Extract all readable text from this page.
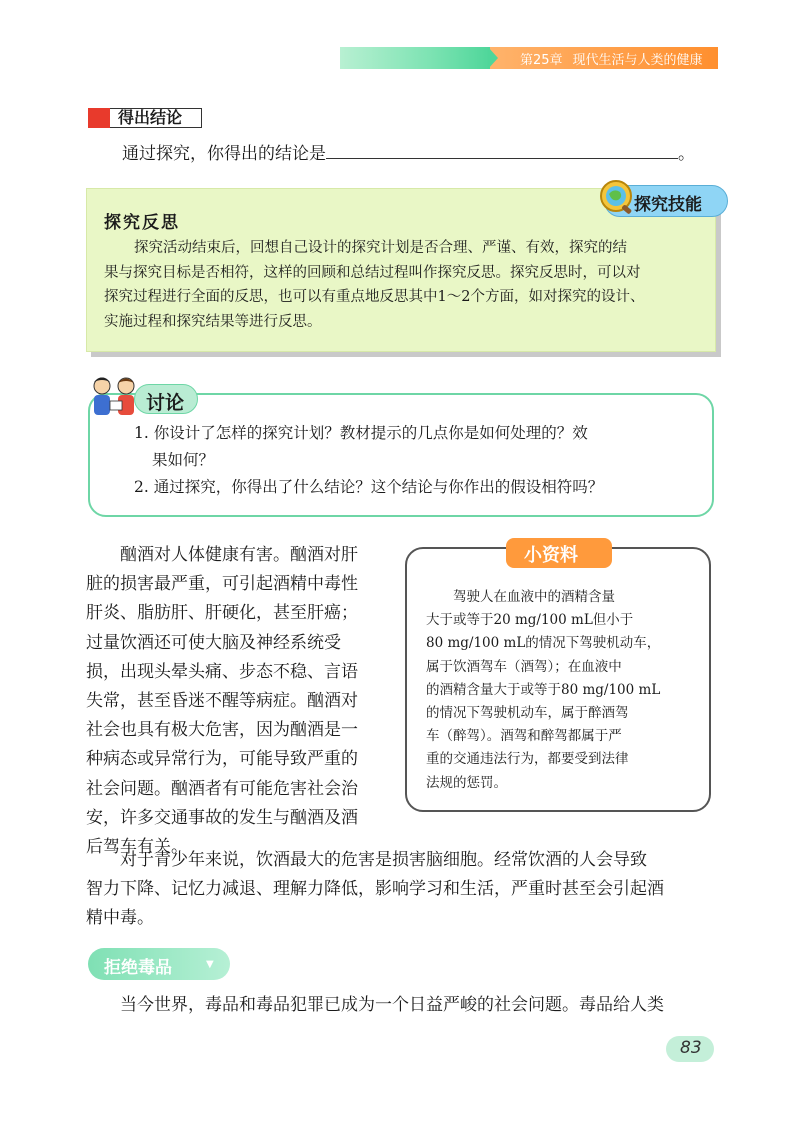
第25章 现代生活与人类的健康
得出结论
通过探究，你得出的结论是	。
探究技能
探究反思
探究活动结束后，回想自己设计的探究计划是否合理、严谨、有效，探究的结
果与探究目标是否相符，这样的回顾和总结过程叫作探究反思。探究反思时，可以对
探究过程进行全面的反思，也可以有重点地反思其中1～2个方面，如对探究的设计、
实施过程和探究结果等进行反思。
讨论
1. 你设计了怎样的探究计划？教材提示的几点你是如何处理的？效
果如何？
2. 通过探究，你得出了什么结论？这个结论与你作出的假设相符吗？
酗酒对人体健康有害。酗酒对肝
脏的损害最严重，可引起酒精中毒性
肝炎、脂肪肝、肝硬化，甚至肝癌；
过量饮酒还可使大脑及神经系统受
损，出现头晕头痛、步态不稳、言语
失常，甚至昏迷不醒等病症。酗酒对
社会也具有极大危害，因为酗酒是一
种病态或异常行为，可能导致严重的
社会问题。酗酒者有可能危害社会治
安，许多交通事故的发生与酗酒及酒
后驾车有关。
小资料
驾驶人在血液中的酒精含量
大于或等于20 mg/100 mL但小于
80 mg/100 mL的情况下驾驶机动车，
属于饮酒驾车（酒驾）；在血液中
的酒精含量大于或等于80 mg/100 mL
的情况下驾驶机动车，属于醉酒驾
车（醉驾）。酒驾和醉驾都属于严
重的交通违法行为，都要受到法律
法规的惩罚。
对于青少年来说，饮酒最大的危害是损害脑细胞。经常饮酒的人会导致
智力下降、记忆力减退、理解力降低，影响学习和生活，严重时甚至会引起酒
精中毒。
拒绝毒品	▼
当今世界，毒品和毒品犯罪已成为一个日益严峻的社会问题。毒品给人类
83
